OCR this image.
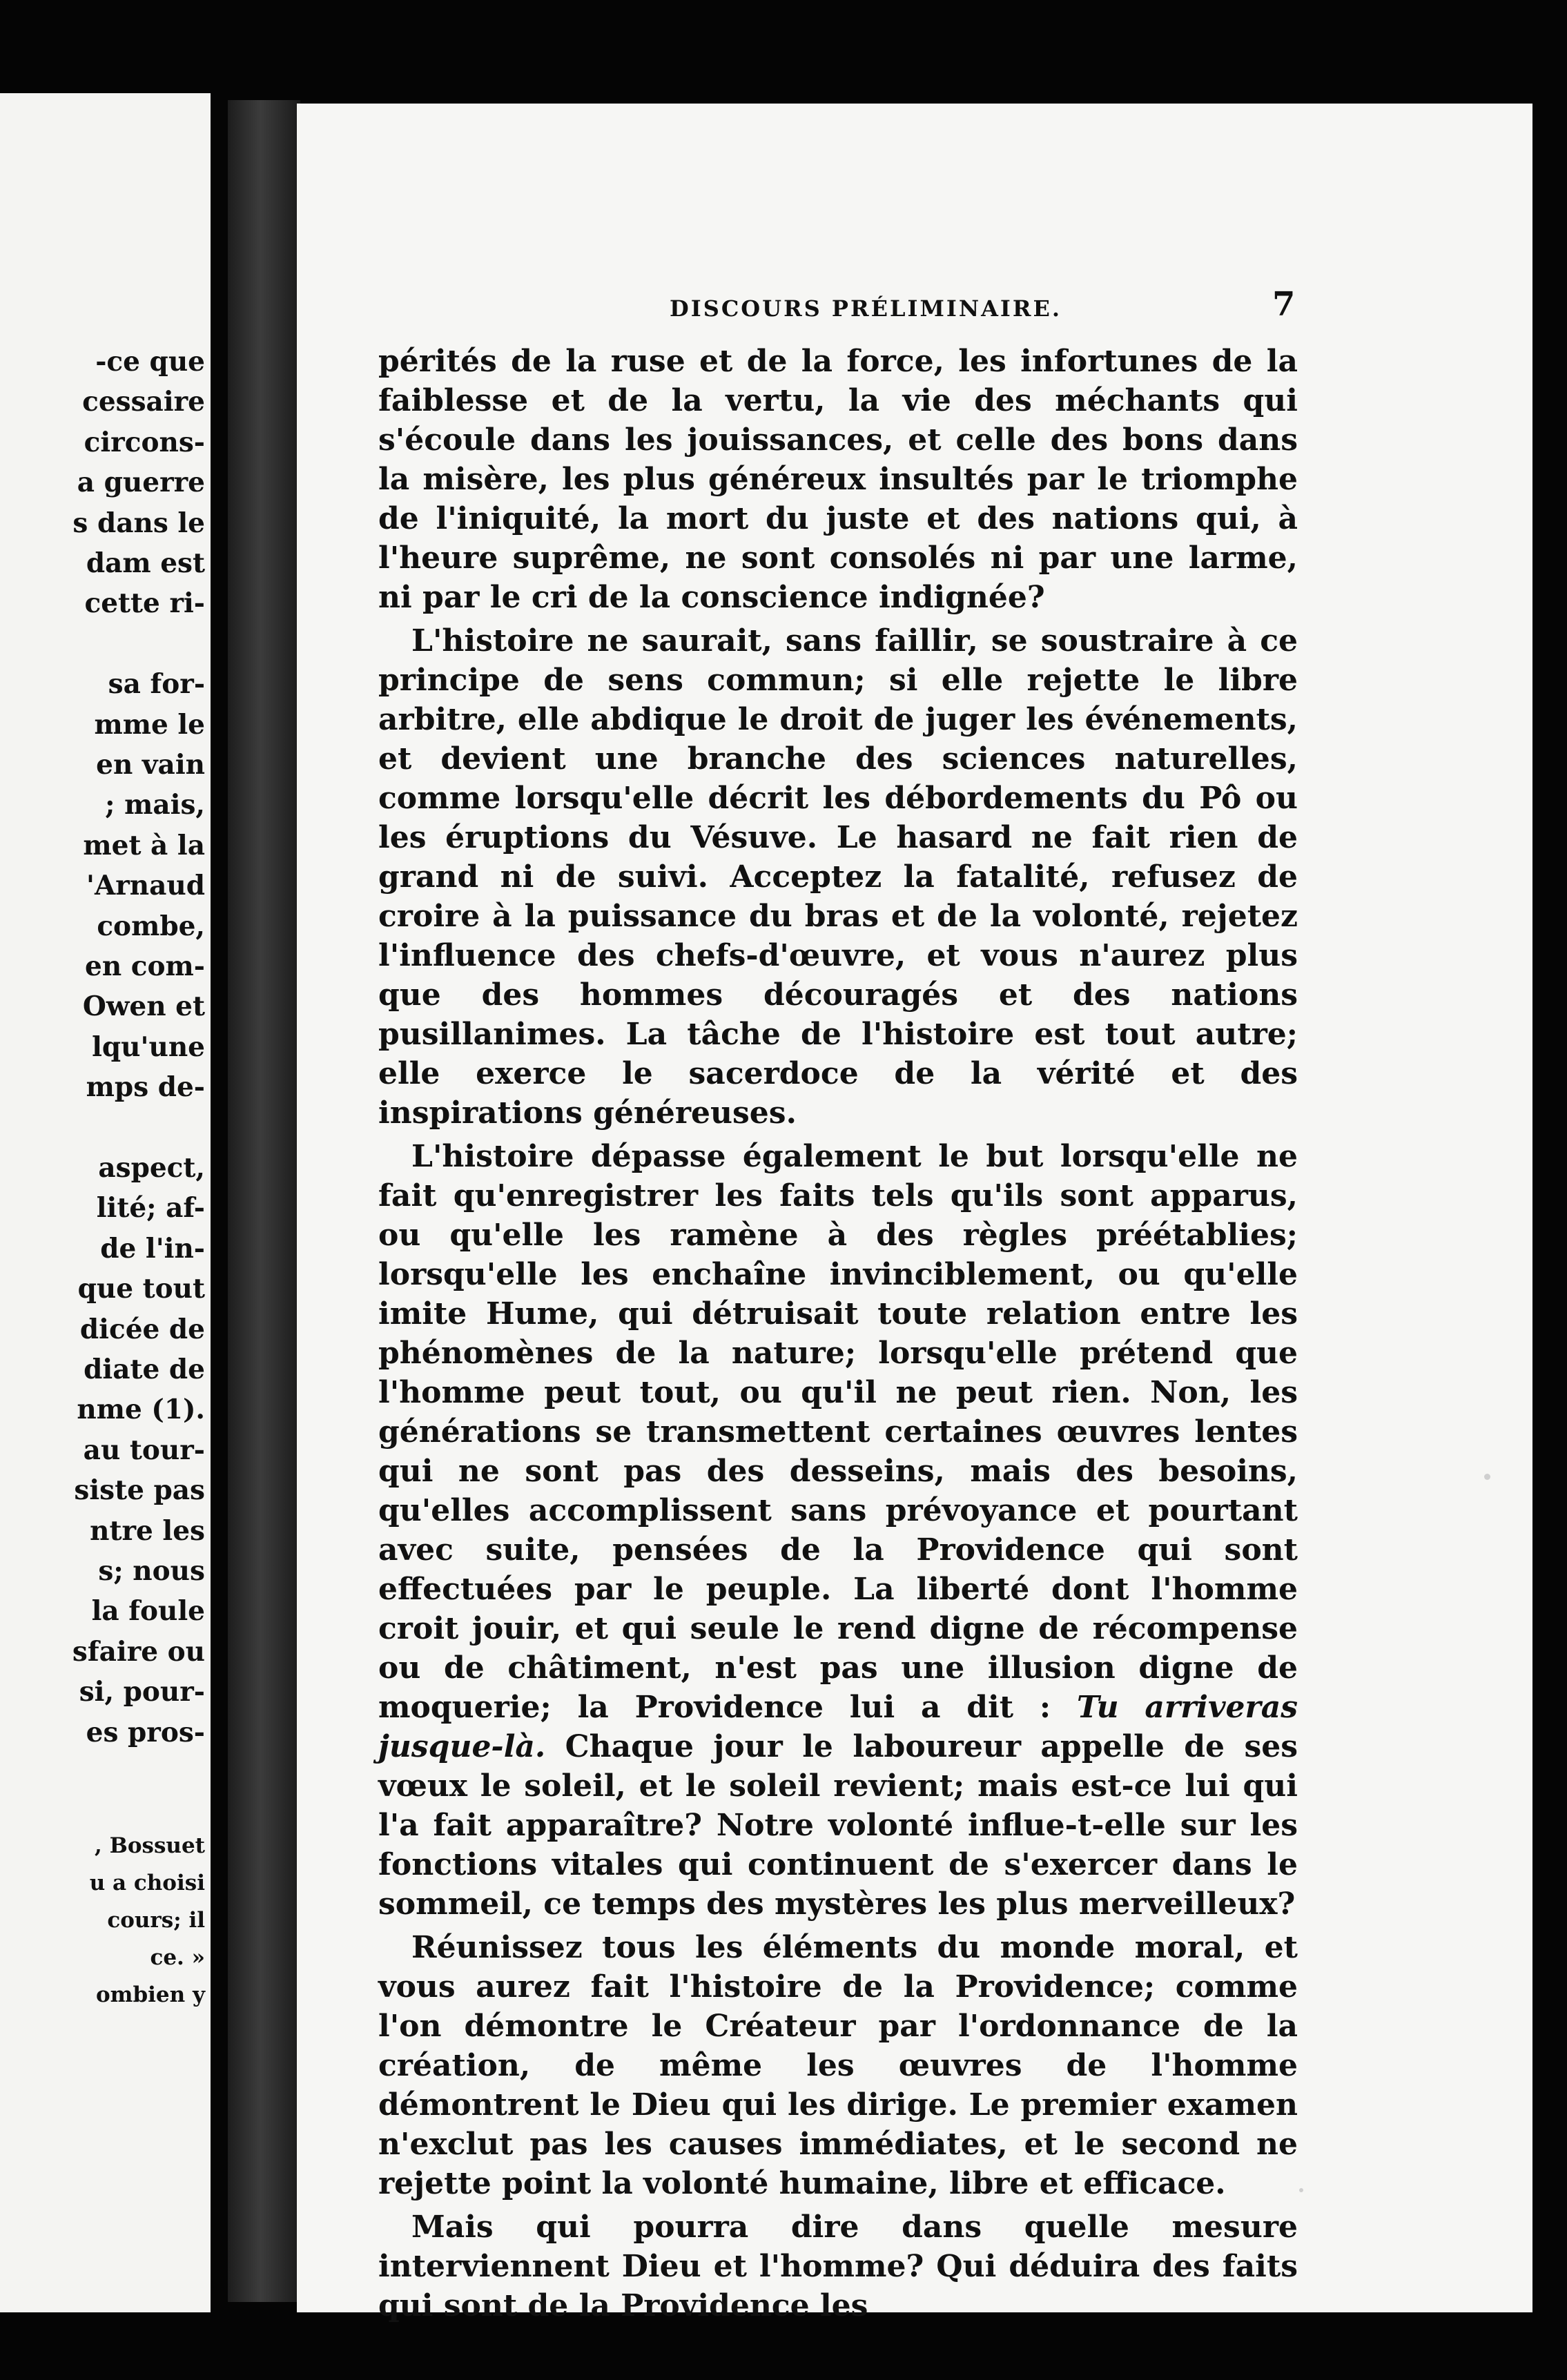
-ce que
cessaire
circons-
a guerre
s dans le
dam est
cette ri-
sa for-
mme le
en vain
; mais,
met à la
'Arnaud
combe,
en com-
Owen et
lqu'une
mps de-
aspect,
lité; af-
de l'in-
que tout
dicée de
diate de
nme (1).
au tour-
siste pas
ntre les
s; nous
la foule
sfaire ou
si, pour-
es pros-
, Bossuet
u a choisi
cours; il
ce. »
ombien y
DISCOURS PRÉLIMINAIRE.	7

pérités de la ruse et de la force, les infortunes de la faiblesse et de la vertu, la vie des méchants qui s'écoule dans les jouissances, et celle des bons dans la misère, les plus généreux insultés par le triomphe de l'iniquité, la mort du juste et des nations qui, à l'heure suprême, ne sont consolés ni par une larme, ni par le cri de la conscience indignée?

L'histoire ne saurait, sans faillir, se soustraire à ce principe de sens commun; si elle rejette le libre arbitre, elle abdique le droit de juger les événements, et devient une branche des sciences naturelles, comme lorsqu'elle décrit les débordements du Pô ou les éruptions du Vésuve. Le hasard ne fait rien de grand ni de suivi. Acceptez la fatalité, refusez de croire à la puissance du bras et de la volonté, rejetez l'influence des chefs-d'œuvre, et vous n'aurez plus que des hommes découragés et des nations pusillanimes. La tâche de l'histoire est tout autre; elle exerce le sacerdoce de la vérité et des inspirations généreuses.

L'histoire dépasse également le but lorsqu'elle ne fait qu'enregistrer les faits tels qu'ils sont apparus, ou qu'elle les ramène à des règles préétablies; lorsqu'elle les enchaîne invinciblement, ou qu'elle imite Hume, qui détruisait toute relation entre les phénomènes de la nature; lorsqu'elle prétend que l'homme peut tout, ou qu'il ne peut rien. Non, les générations se transmettent certaines œuvres lentes qui ne sont pas des desseins, mais des besoins, qu'elles accomplissent sans prévoyance et pourtant avec suite, pensées de la Providence qui sont effectuées par le peuple. La liberté dont l'homme croit jouir, et qui seule le rend digne de récompense ou de châtiment, n'est pas une illusion digne de moquerie; la Providence lui a dit : Tu arriveras jusque-là. Chaque jour le laboureur appelle de ses vœux le soleil, et le soleil revient; mais est-ce lui qui l'a fait apparaître? Notre volonté influe-t-elle sur les fonctions vitales qui continuent de s'exercer dans le sommeil, ce temps des mystères les plus merveilleux?

Réunissez tous les éléments du monde moral, et vous aurez fait l'histoire de la Providence; comme l'on démontre le Créateur par l'ordonnance de la création, de même les œuvres de l'homme démontrent le Dieu qui les dirige. Le premier examen n'exclut pas les causes immédiates, et le second ne rejette point la volonté humaine, libre et efficace.

Mais qui pourra dire dans quelle mesure interviennent Dieu et l'homme? Qui déduira des faits qui sont de la Providence les
